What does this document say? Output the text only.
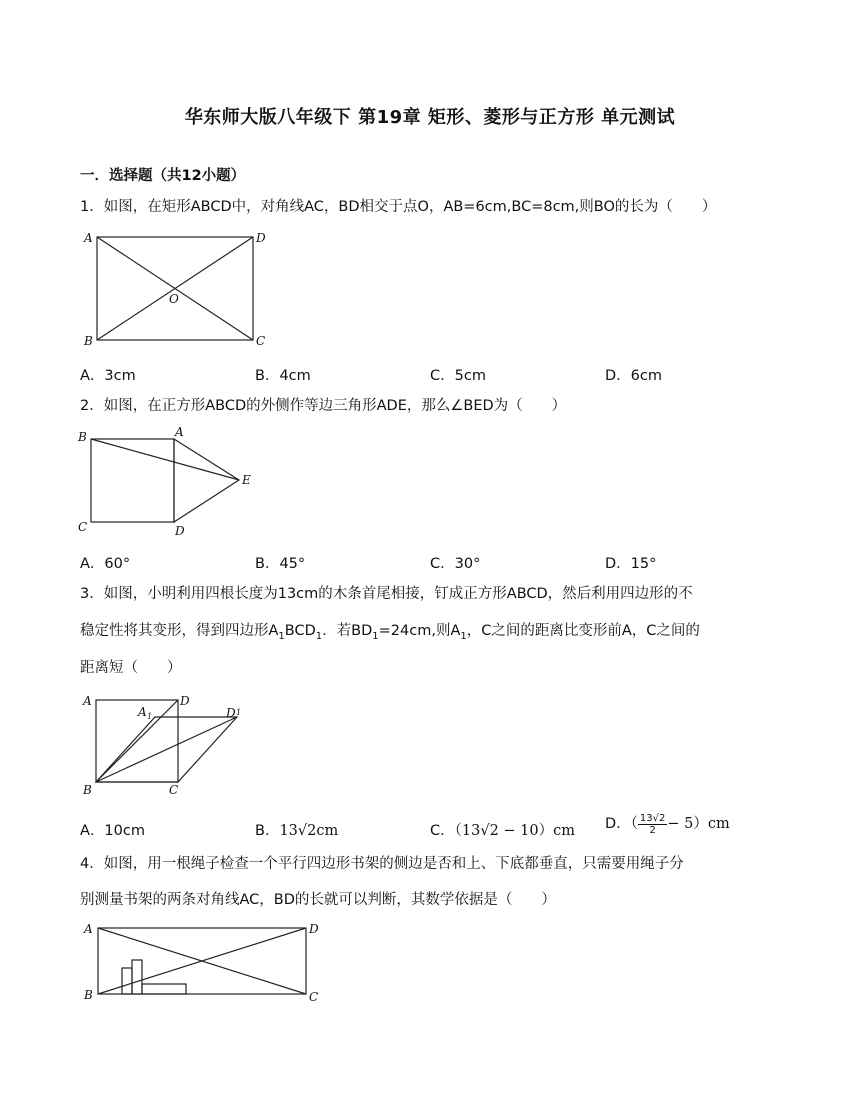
华东师大版八年级下 第19章 矩形、菱形与正方形 单元测试
一．选择题（共12小题）
1．如图，在矩形ABCD中，对角线AC，BD相交于点O，AB=6cm,BC=8cm,则BO的长为（　　）
A	D
B	C
O
A．3cm	B．4cm	C．5cm	D．6cm
2．如图，在正方形ABCD的外侧作等边三角形ADE，那么∠BED为（　　）
B	A
E
C	D
A．60°	B．45°	C．30°	D．15°
3．如图，小明利用四根长度为13cm的木条首尾相接，钉成正方形ABCD，然后利用四边形的不
稳定性将其变形，得到四边形$A_1BCD_1$．若$BD_1=24cm$,则$A_1$，C之间的距离比变形前A，C之间的
距离短（　　）
A	D
A 1	D 1
B	C
A．10cm	B．13√2cm	C．（13√2 − 10）cm D．（ $\frac{13√2}{2} - 5)cm$
4．如图，用一根绳子检查一个平行四边形书架的侧边是否和上、下底都垂直，只需要用绳子分
别测量书架的两条对角线AC，BD的长就可以判断，其数学依据是（　　）
A	D
B	C
